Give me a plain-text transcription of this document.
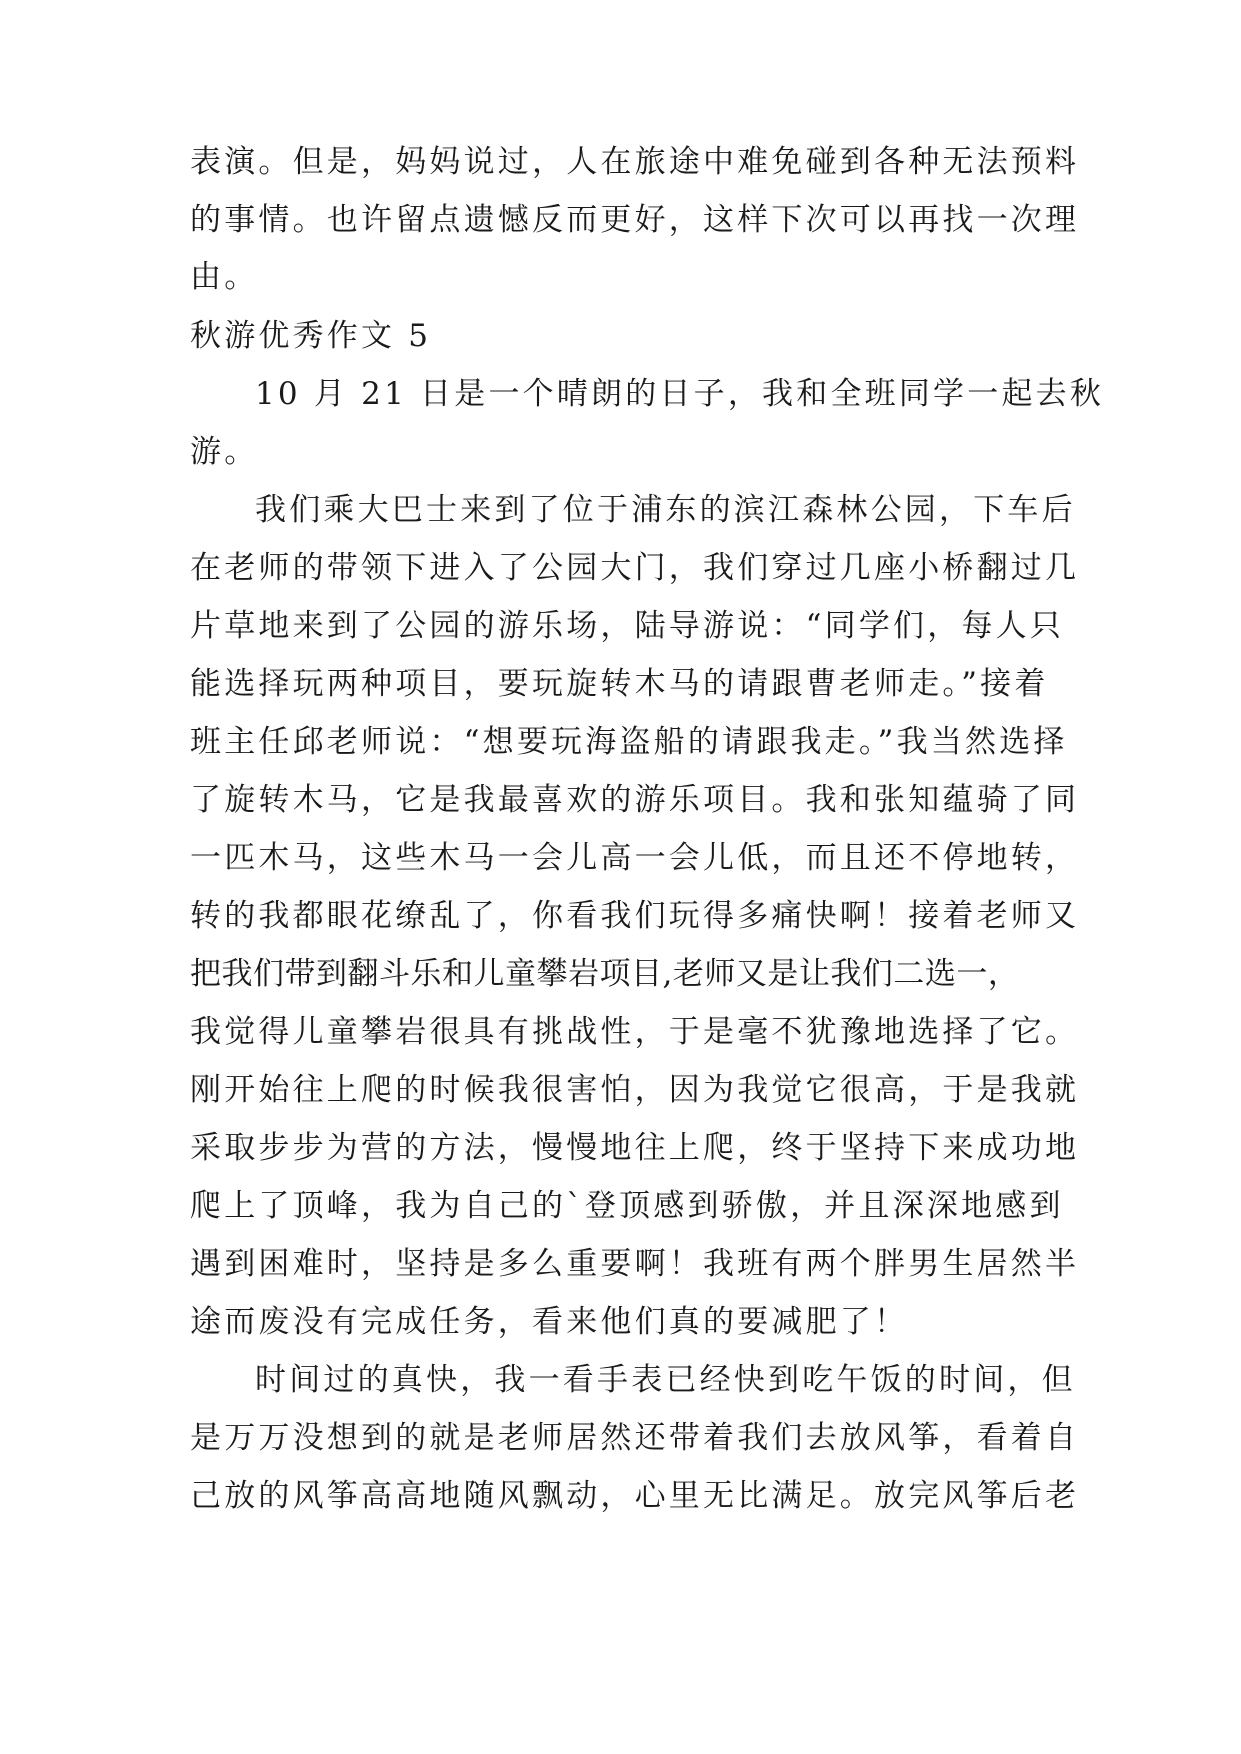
表演。但是，妈妈说过，人在旅途中难免碰到各种无法预料
的事情。也许留点遗憾反而更好，这样下次可以再找一次理
由。
秋游优秀作文 5
10 月 21 日是一个晴朗的日子，我和全班同学一起去秋
游。
我们乘大巴士来到了位于浦东的滨江森林公园，下车后
在老师的带领下进入了公园大门，我们穿过几座小桥翻过几
片草地来到了公园的游乐场，陆导游说：“同学们，每人只
能选择玩两种项目，要玩旋转木马的请跟曹老师走。”接着
班主任邱老师说：“想要玩海盗船的请跟我走。”我当然选择
了旋转木马，它是我最喜欢的游乐项目。我和张知蕴骑了同
一匹木马，这些木马一会儿高一会儿低，而且还不停地转，
转的我都眼花缭乱了，你看我们玩得多痛快啊！接着老师又
把我们带到翻斗乐和儿童攀岩项目,老师又是让我们二选一，
我觉得儿童攀岩很具有挑战性，于是毫不犹豫地选择了它。
刚开始往上爬的时候我很害怕，因为我觉它很高，于是我就
采取步步为营的方法，慢慢地往上爬，终于坚持下来成功地
爬上了顶峰，我为自己的`登顶感到骄傲，并且深深地感到
遇到困难时，坚持是多么重要啊！我班有两个胖男生居然半
途而废没有完成任务，看来他们真的要减肥了！
时间过的真快，我一看手表已经快到吃午饭的时间，但
是万万没想到的就是老师居然还带着我们去放风筝，看着自
己放的风筝高高地随风飘动，心里无比满足。放完风筝后老
